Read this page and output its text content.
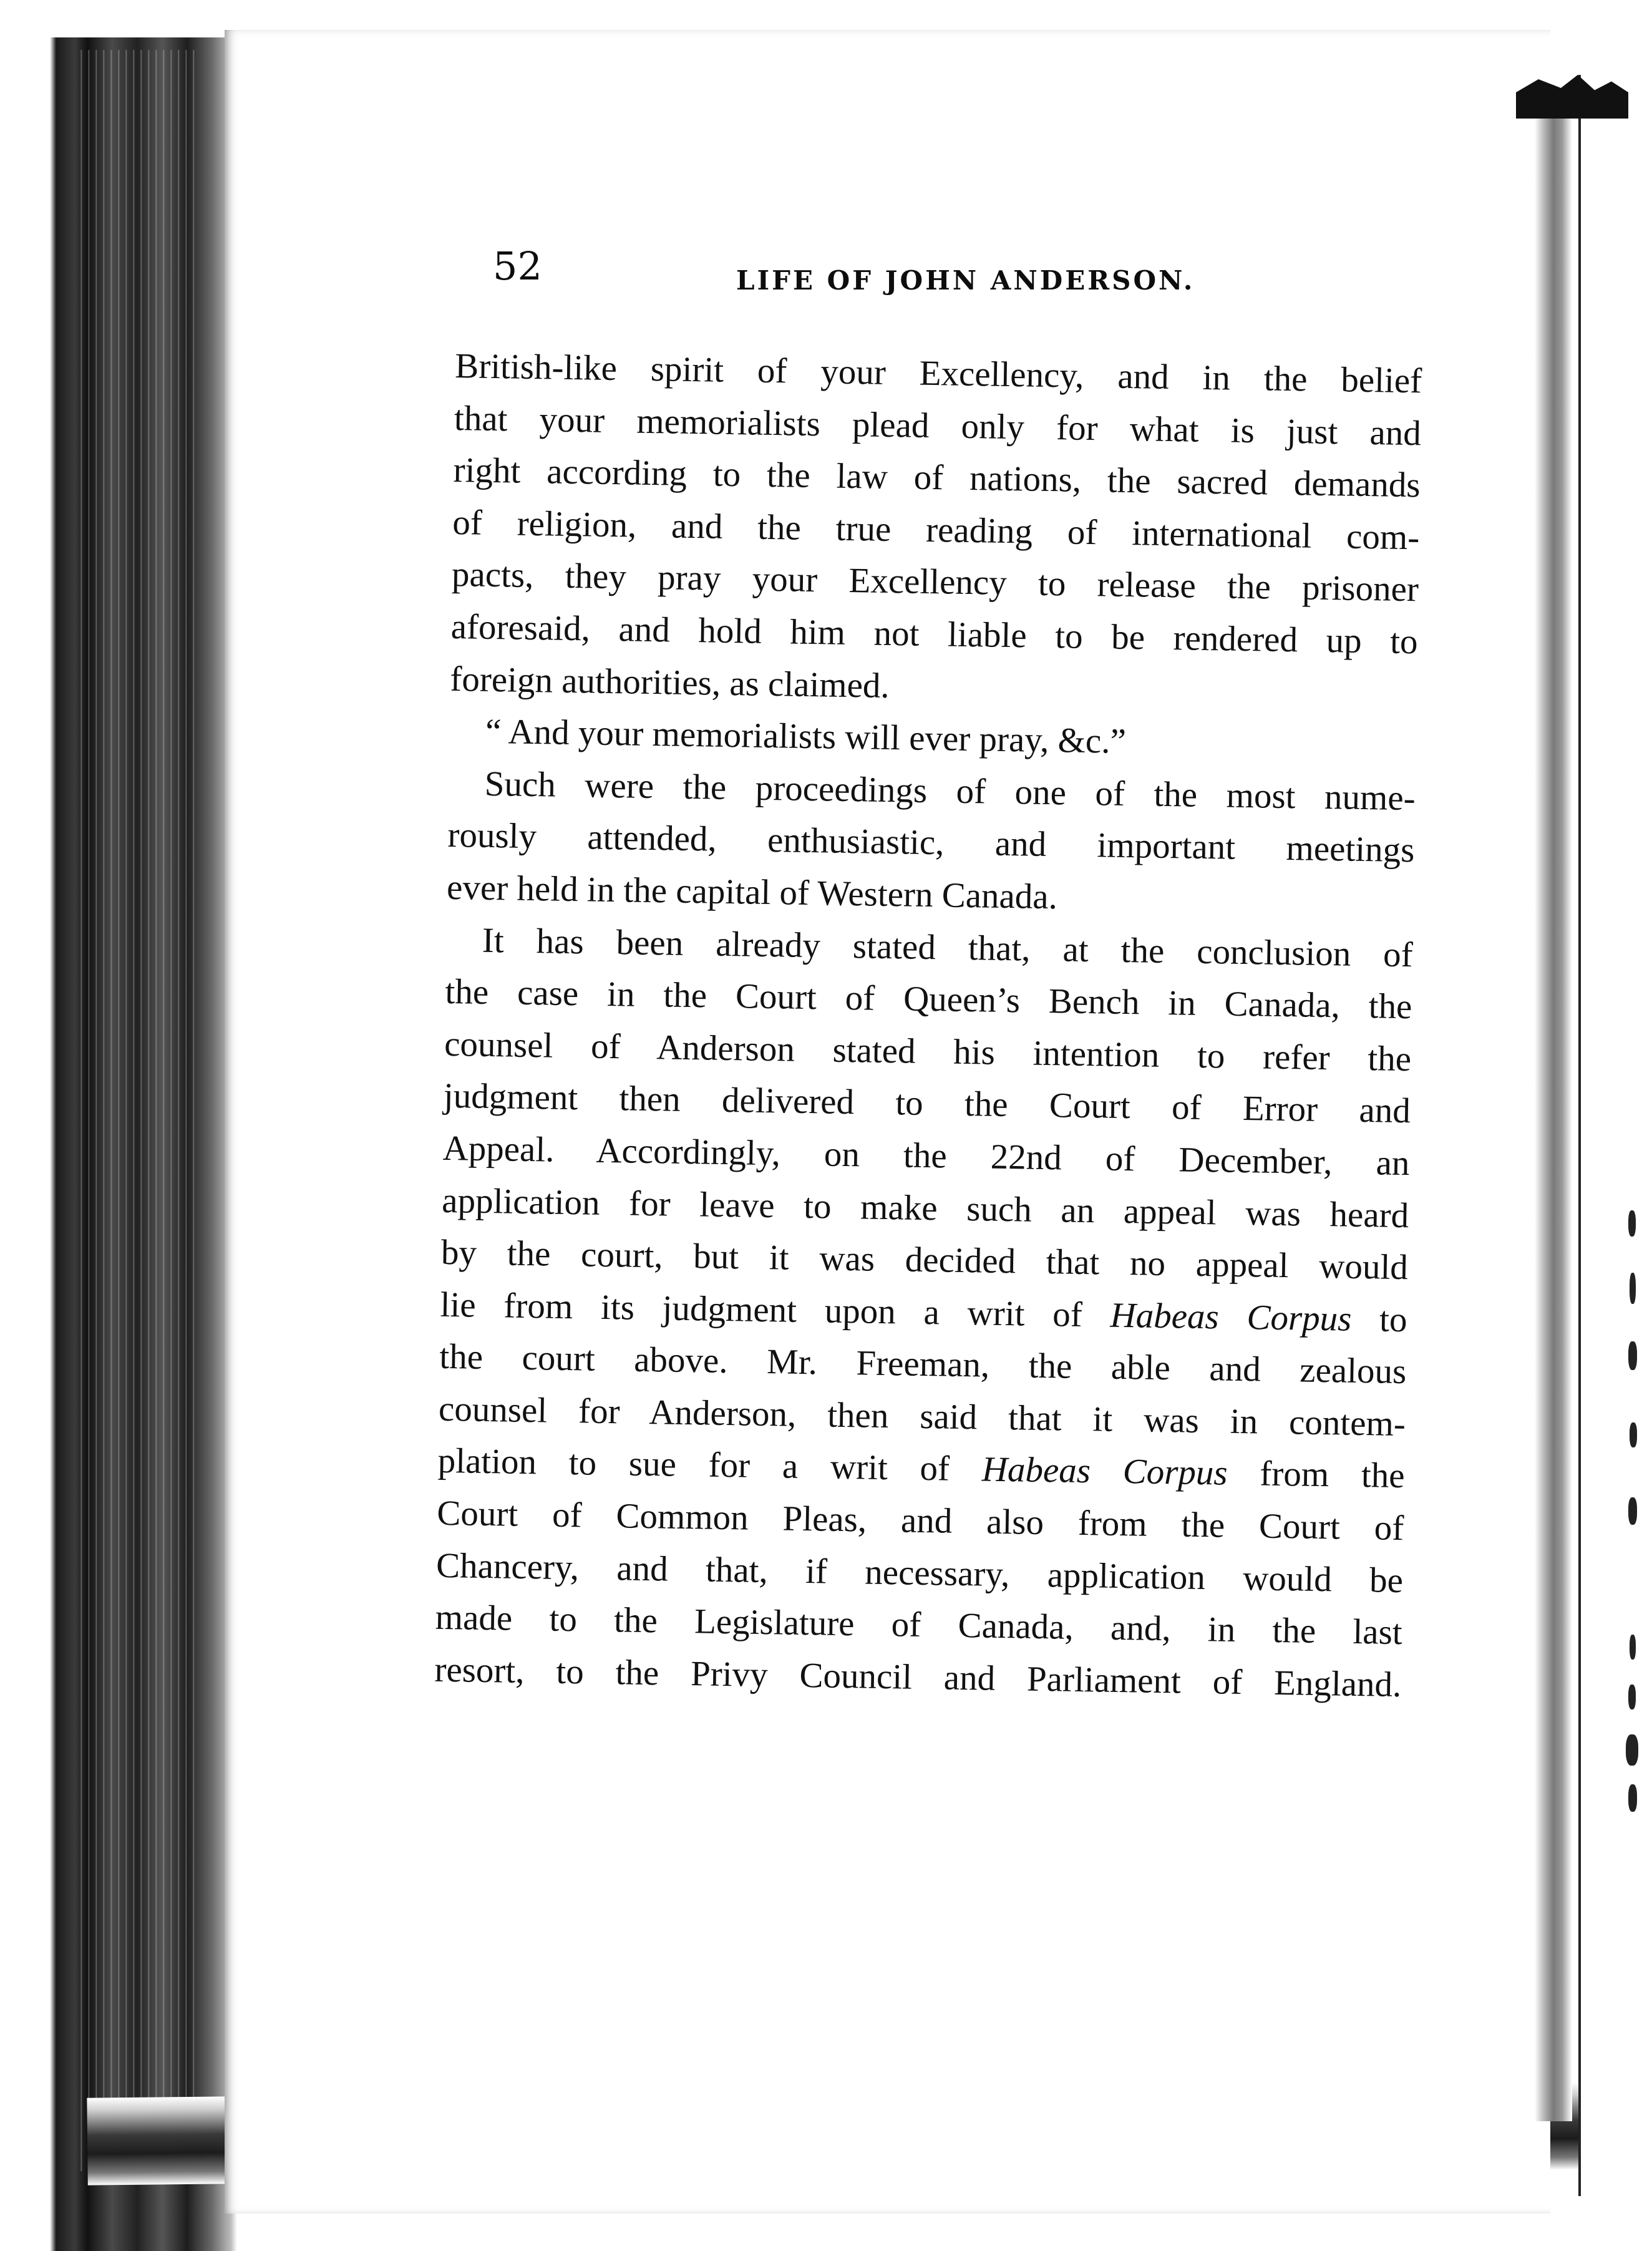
52	LIFE OF JOHN ANDERSON.
British-like spirit of your Excellency, and in the belief
that your memorialists plead only for what is just and
right according to the law of nations, the sacred demands
of religion, and the true reading of international com-
pacts, they pray your Excellency to release the prisoner
aforesaid, and hold him not liable to be rendered up to
foreign authorities, as claimed.
“ And your memorialists will ever pray, &c.”
Such were the proceedings of one of the most nume-
rously attended, enthusiastic, and important meetings
ever held in the capital of Western Canada.
It has been already stated that, at the conclusion of
the case in the Court of Queen’s Bench in Canada, the
counsel of Anderson stated his intention to refer the
judgment then delivered to the Court of Error and
Appeal. Accordingly, on the 22nd of December, an
application for leave to make such an appeal was heard
by the court, but it was decided that no appeal would
lie from its judgment upon a writ of Habeas Corpus to
the court above. Mr. Freeman, the able and zealous
counsel for Anderson, then said that it was in contem-
plation to sue for a writ of Habeas Corpus from the
Court of Common Pleas, and also from the Court of
Chancery, and that, if necessary, application would be
made to the Legislature of Canada, and, in the last
resort, to the Privy Council and Parliament of England.
